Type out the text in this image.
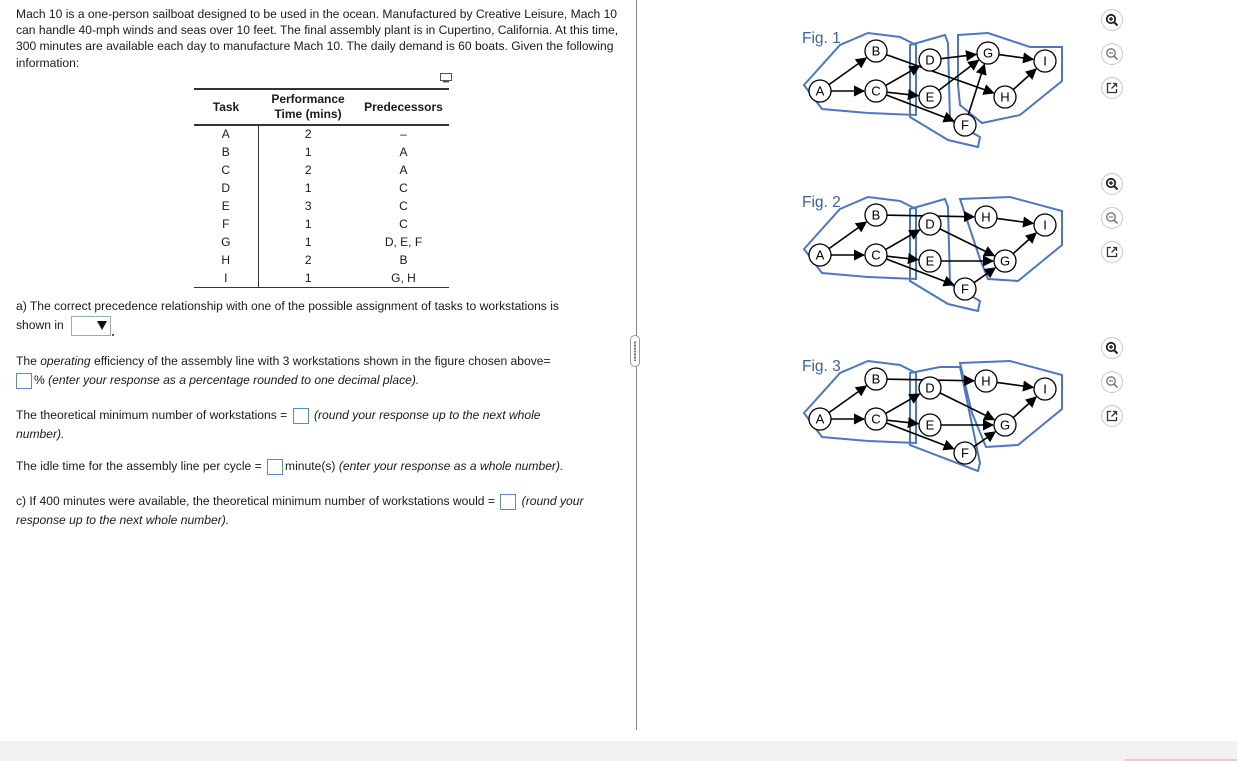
Mach 10 is a one-person sailboat designed to be used in the ocean. Manufactured by Creative Leisure, Mach 10 can handle 40-mph winds and seas over 10 feet. The final assembly plant is in Cupertino, California. At this time, 300 minutes are available each day to manufacture Mach 10. The daily demand is 60 boats. Given the following information:

Task	Performance Time (mins)	Predecessors
A	2	–
B	1	A
C	2	A
D	1	C
E	3	C
F	1	C
G	1	D, E, F
H	2	B
I	1	G, H

a) The correct precedence relationship with one of the possible assignment of tasks to workstations is
shown in

The operating efficiency of the assembly line with 3 workstations shown in the figure chosen above=
% (enter your response as a percentage rounded to one decimal place).

The theoretical minimum number of workstations =  (round your response up to the next whole
number).

The idle time for the assembly line per cycle = minute(s) (enter your response as a whole number).

c) If 400 minutes were available, the theoretical minimum number of workstations would =  (round your
response up to the next whole number).

Fig. 1
Fig. 2
Fig. 3
A
B
C
D
E
F
G
H
I
A
B
C
D
E
F
G
H
I
A
B
C
D
E
F
G
H
I
